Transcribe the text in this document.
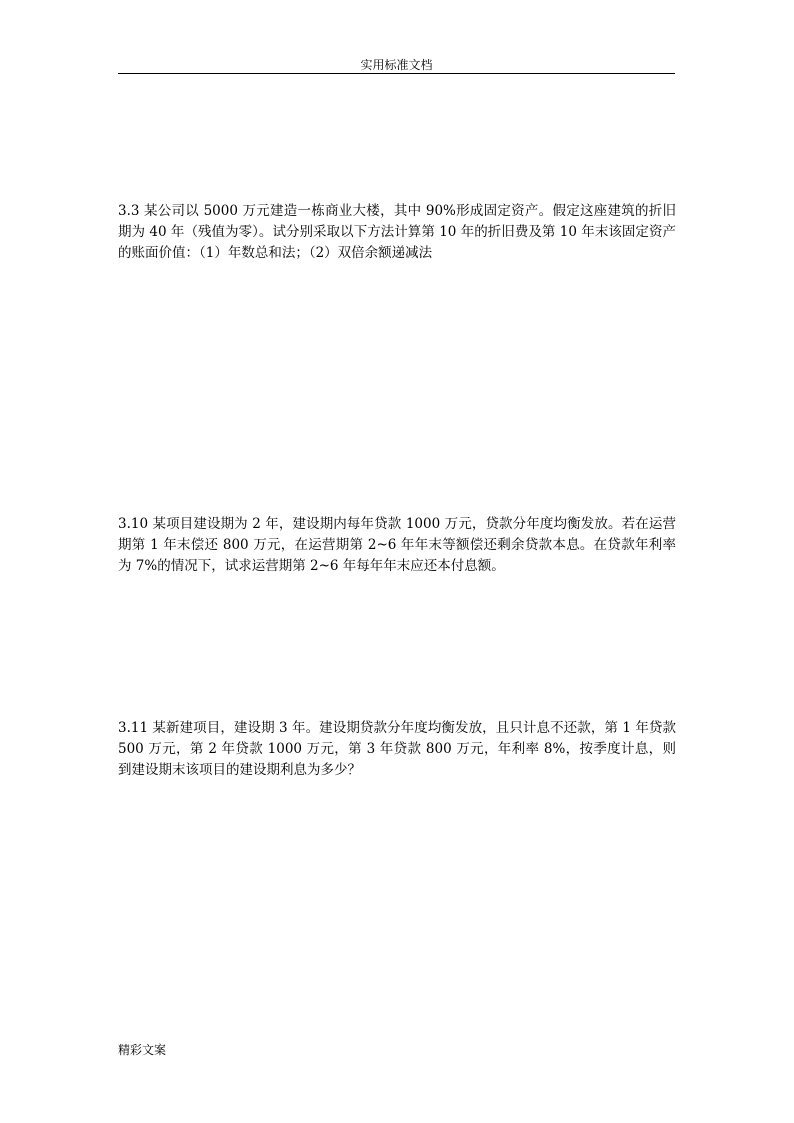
实用标准文档

3.3 某公司以 5000 万元建造一栋商业大楼，其中 90%形成固定资产。假定这座建筑的折旧期为 40 年（残值为零）。试分别采取以下方法计算第 10 年的折旧费及第 10 年末该固定资产的账面价值：（1）年数总和法；（2）双倍余额递减法

3.10 某项目建设期为 2 年，建设期内每年贷款 1000 万元，贷款分年度均衡发放。若在运营期第 1 年末偿还 800 万元，在运营期第 2~6 年年末等额偿还剩余贷款本息。在贷款年利率为 7%的情况下，试求运营期第 2~6 年每年年末应还本付息额。

3.11 某新建项目，建设期 3 年。建设期贷款分年度均衡发放，且只计息不还款，第 1 年贷款 500 万元，第 2 年贷款 1000 万元，第 3 年贷款 800 万元，年利率 8%，按季度计息，则到建设期末该项目的建设期利息为多少？

精彩文案
